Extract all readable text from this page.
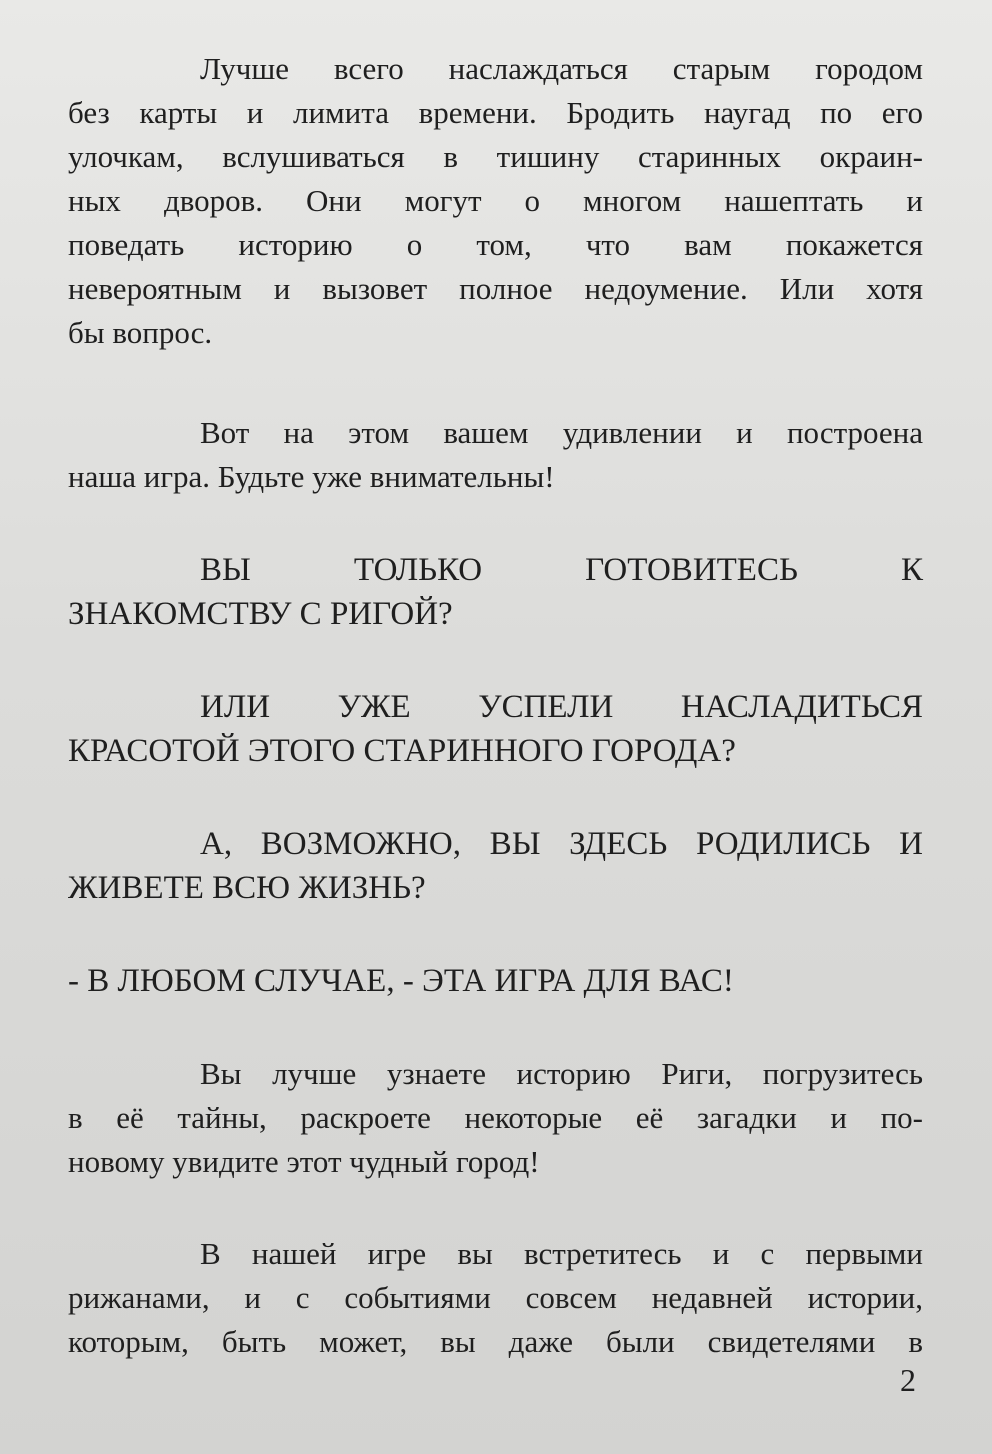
Лучше всего наслаждаться старым городом
без карты и лимита времени. Бродить наугад по его
улочкам, вслушиваться в тишину старинных окраин-
ных дворов. Они могут о многом нашептать и
поведать историю о том, что вам покажется
невероятным и вызовет полное недоумение. Или хотя
бы вопрос.
Вот на этом вашем удивлении и построена
наша игра. Будьте уже внимательны!
ВЫ ТОЛЬКО ГОТОВИТЕСЬ К
ЗНАКОМСТВУ С РИГОЙ?
ИЛИ УЖЕ УСПЕЛИ НАСЛАДИТЬСЯ
КРАСОТОЙ ЭТОГО СТАРИННОГО ГОРОДА?
А, ВОЗМОЖНО, ВЫ ЗДЕСЬ РОДИЛИСЬ И
ЖИВЕТЕ ВСЮ ЖИЗНЬ?
- В ЛЮБОМ СЛУЧАЕ, - ЭТА ИГРА ДЛЯ ВАС!
Вы лучше узнаете историю Риги, погрузитесь
в её тайны, раскроете некоторые её загадки и по-
новому увидите этот чудный город!
В нашей игре вы встретитесь и с первыми
рижанами, и с событиями совсем недавней истории,
которым, быть может, вы даже были свидетелями в
2
